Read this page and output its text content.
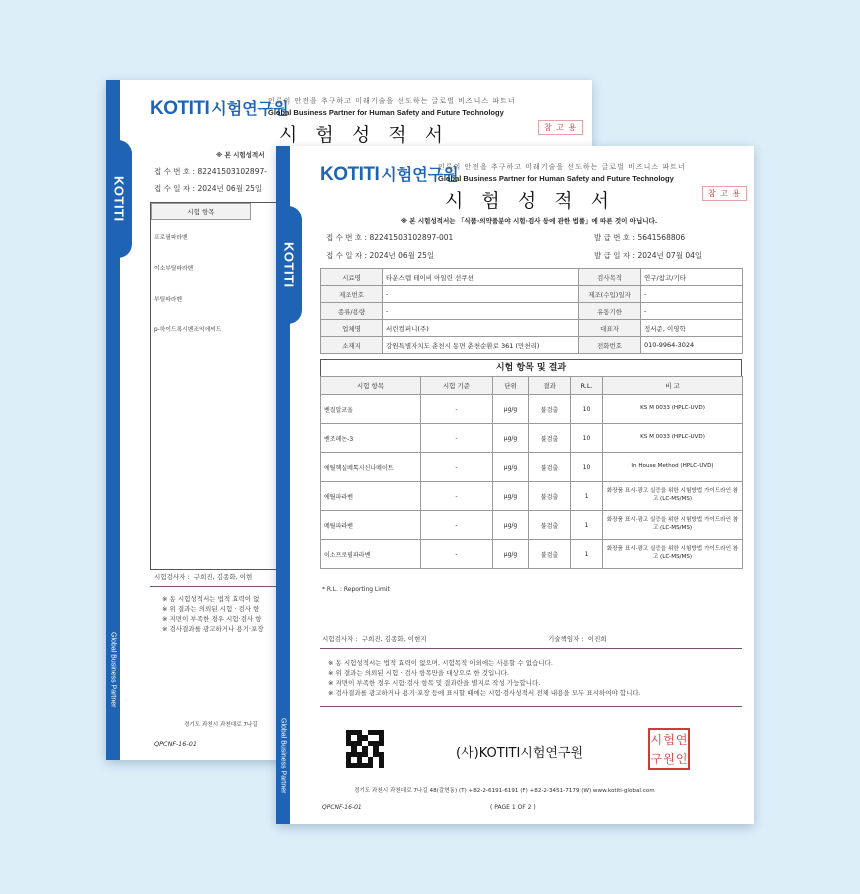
KOTITI
Global Business Partner
KOTITI 시험연구원
인류의 안전을 추구하고 미래기술을 선도하는 글로벌 비즈니스 파트너
Global Business Partner for Human Safety and Future Technology
시 험 성 적 서	참 고 용
※ 본 시험성적서
접 수 번 호 : 82241503102897-
접 수 일 자 : 2024년 06월 25일
시험 항목
프로필파라벤
이소부틸파라벤
부틸파라벤
p-하이드록시벤조익에씨드
시험검사자 : 구희진, 김종화, 이현
※ 동 시험성적서는 법적 효력이 없
※ 위 결과는 의뢰된 시험 · 검사 항
※ 지면이 부족한 경우 시험·검사 항
※ 검사결과를 광고하거나 용기·포장
경기도 과천시 과천대로 7나길
QPCNF-16-01
KOTITI
Global Business Partner
KOTITI 시험연구원
인류의 안전을 추구하고 미래기술을 선도하는 글로벌 비즈니스 파트너
Global Business Partner for Human Safety and Future Technology
시 험 성 적 서	참 고 용
※ 본 시험성적서는 「식품·의약품분야 시험·검사 등에 관한 법률」에 따른 것이 아닙니다.
접 수 번 호 : 82241503102897-001	발 급 번 호 : 5641568806
접 수 일 자 : 2024년 06월 25일	발 급 일 자 : 2024년 07월 04일
시료명	타운스텝 테이비 아일린 선쿠션	검사목적	연구/참고/기타
제조번호	-	제조(수입)일자	-
종류/용량	-	유통기한	-
업체명	서린컴퍼니(주)	대표자	정서준, 이영학
소재지	강원특별자치도 춘천시 동면 춘천순환로 361 (만천리)	전화번호	010-9964-3024
시험 항목 및 결과
시험 항목	시험 기준	단위	결과	R.L.	비 고
벤질알코올	-	μg/g	불검출	10	KS M 0033 (HPLC-UVD)
벤조페논-3	-	μg/g	불검출	10	KS M 0033 (HPLC-UVD)
에틸헥실메톡시신나메이트	-	μg/g	불검출	10	In House Method (HPLC-UVD)
에틸파라벤	-	μg/g	불검출	1	화장품 표시·광고 실증을 위한 시험방법 가이드라인 참고 (LC-MS/MS)
메틸파라벤	-	μg/g	불검출	1	화장품 표시·광고 실증을 위한 시험방법 가이드라인 참고 (LC-MS/MS)
이소프로필파라벤	-	μg/g	불검출	1	화장품 표시·광고 실증을 위한 시험방법 가이드라인 참고 (LC-MS/MS)
* R.L. : Reporting Limit
시험검사자 : 구희진, 김종화, 이현지	기술책임자 : 이진희
※ 동 시험성적서는 법적 효력이 없으며, 시험목적 이외에는 사용할 수 없습니다.
※ 위 결과는 의뢰된 시험 · 검사 항목만을 대상으로 한 것입니다.
※ 지면이 부족한 경우 시험·검사 항목 및 결과란을 별지로 작성 가능합니다.
※ 검사결과를 광고하거나 용기·포장 등에 표시할 때에는 시험·검사성적서 전체 내용을 모두 표시하여야 합니다.
(사)KOTITI시험연구원
시 험 연
구 원 인
경기도 과천시 과천대로 7나길 48(갈현동) (T) +82-2-6191-6191 (F) +82-2-3451-7179 (W) www.kotiti-global.com
QPCNF-16-01	( PAGE 1 OF 2 )
